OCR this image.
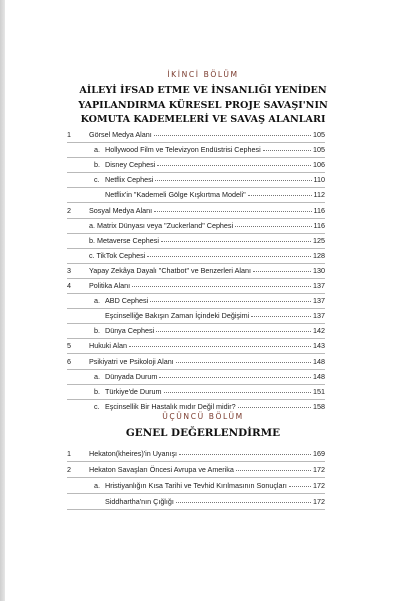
İKİNCİ BÖLÜM
AİLEYİ İFSAD ETME VE İNSANLIĞI YENİDEN
YAPILANDIRMA KÜRESEL PROJE SAVAŞI'NIN
KOMUTA KADEMELERİ VE SAVAŞ ALANLARI
1	Görsel Medya Alanı	105
a. Hollywood Film ve Televizyon Endüstrisi Cephesi	105
b. Disney Cephesi	106
c. Netflix Cephesi	110
Netflix'in "Kademeli Gölge Kışkırtma Modeli"	112
2	Sosyal Medya Alanı	116
a. Matrix Dünyası veya "Zuckerland" Cephesi	116
b. Metaverse Cephesi	125
c. TikTok Cephesi	128
3	Yapay Zekâya Dayalı "Chatbot" ve Benzerleri Alanı	130
4	Politika Alanı	137
a. ABD Cephesi	137
Eşcinselliğe Bakışın Zaman İçindeki Değişimi	137
b. Dünya Cephesi	142
5	Hukuki Alan	143
6	Psikiyatri ve Psikoloji Alanı	148
a. Dünyada Durum	148
b. Türkiye'de Durum	151
c. Eşcinsellik Bir Hastalık mıdır Değil midir?	158
ÜÇÜNCÜ BÖLÜM
GENEL DEĞERLENDİRME
1	Hekaton(kheires)'in Uyanışı	169
2	Hekaton Savaşları Öncesi Avrupa ve Amerika	172
a. Hristiyanlığın Kısa Tarihi ve Tevhid Kırılmasının Sonuçları	172
Siddhartha'nın Çığlığı	172
